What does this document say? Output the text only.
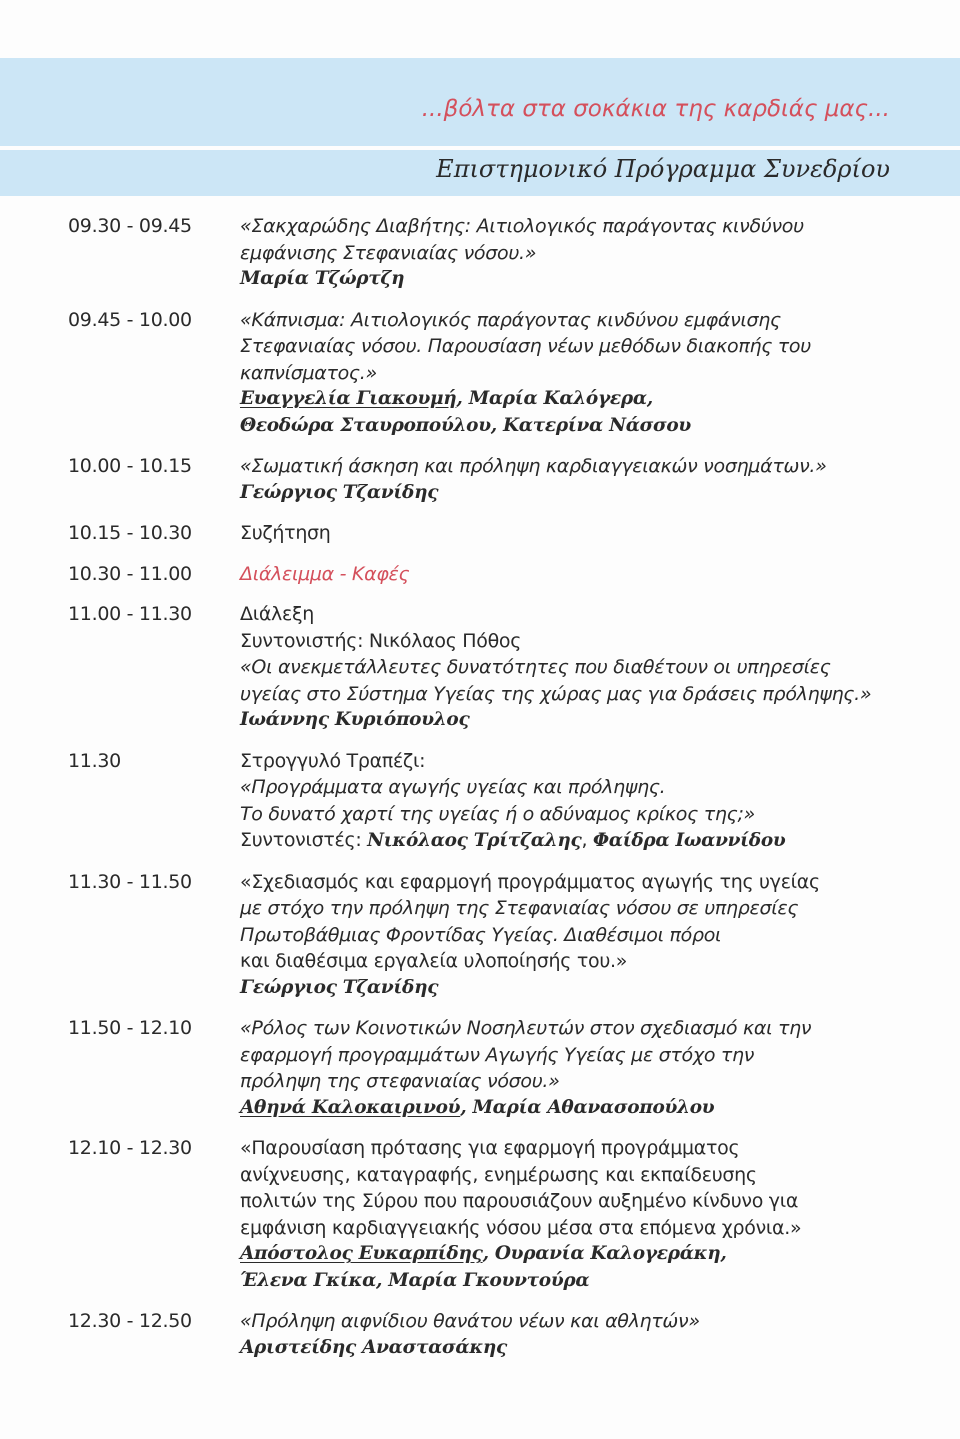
...βόλτα στα σοκάκια της καρδιάς μας...
Επιστημονικό Πρόγραμμα Συνεδρίου
09.30 - 09.45	«Σακχαρώδης Διαβήτης: Αιτιολογικός παράγοντας κινδύνου
εμφάνισης Στεφανιαίας νόσου.»
Μαρία Τζώρτζη
09.45 - 10.00	«Κάπνισμα: Αιτιολογικός παράγοντας κινδύνου εμφάνισης
Στεφανιαίας νόσου. Παρουσίαση νέων μεθόδων διακοπής του
καπνίσματος.»
Ευαγγελία Γιακουμή, Μαρία Καλόγερα,
Θεοδώρα Σταυροπούλου, Κατερίνα Νάσσου
10.00 - 10.15	«Σωματική άσκηση και πρόληψη καρδιαγγειακών νοσημάτων.»
Γεώργιος Τζανίδης
10.15 - 10.30	Συζήτηση
10.30 - 11.00	Διάλειμμα - Καφές
11.00 - 11.30	Διάλεξη
Συντονιστής: Νικόλαος Πόθος
«Οι ανεκμετάλλευτες δυνατότητες που διαθέτουν οι υπηρεσίες
υγείας στο Σύστημα Υγείας της χώρας μας για δράσεις πρόληψης.»
Ιωάννης Κυριόπουλος
11.30	Στρογγυλό Τραπέζι:
«Προγράμματα αγωγής υγείας και πρόληψης.
Το δυνατό χαρτί της υγείας ή ο αδύναμος κρίκος της;»
Συντονιστές: Νικόλαος Τρίτζαλης, Φαίδρα Ιωαννίδου
11.30 - 11.50	«Σχεδιασμός και εφαρμογή προγράμματος αγωγής της υγείας
με στόχο την πρόληψη της Στεφανιαίας νόσου σε υπηρεσίες
Πρωτοβάθμιας Φροντίδας Υγείας. Διαθέσιμοι πόροι
και διαθέσιμα εργαλεία υλοποίησής του.»
Γεώργιος Τζανίδης
11.50 - 12.10	«Ρόλος των Κοινοτικών Νοσηλευτών στον σχεδιασμό και την
εφαρμογή προγραμμάτων Αγωγής Υγείας με στόχο την
πρόληψη της στεφανιαίας νόσου.»
Αθηνά Καλοκαιρινού, Μαρία Αθανασοπούλου
12.10 - 12.30	«Παρουσίαση πρότασης για εφαρμογή προγράμματος
ανίχνευσης, καταγραφής, ενημέρωσης και εκπαίδευσης
πολιτών της Σύρου που παρουσιάζουν αυξημένο κίνδυνο για
εμφάνιση καρδιαγγειακής νόσου μέσα στα επόμενα χρόνια.»
Απόστολος Ευκαρπίδης, Ουρανία Καλογεράκη,
Έλενα Γκίκα, Μαρία Γκουντούρα
12.30 - 12.50	«Πρόληψη αιφνίδιου θανάτου νέων και αθλητών»
Αριστείδης Αναστασάκης
